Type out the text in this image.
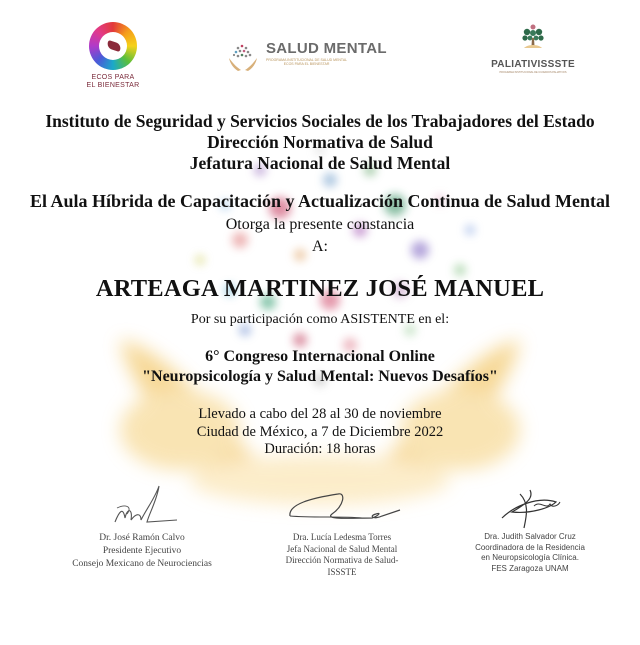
ECOS PARA
EL BIENESTAR
SALUD MENTAL
PROGRAMA INSTITUCIONAL DE SALUD MENTAL
ECOS PARA EL BIENESTAR	PALIATIVISSSTE
PROGRAMA INSTITUCIONAL DE CUIDADOS PALIATIVOS
Instituto de Seguridad y Servicios Sociales de los Trabajadores del Estado
Dirección Normativa de Salud
Jefatura Nacional de Salud Mental
El Aula Híbrida de Capacitación y Actualización Continua de Salud Mental
Otorga la presente constancia
A:
ARTEAGA MARTINEZ JOSÉ MANUEL
Por su participación como ASISTENTE en el:
6° Congreso Internacional Online
"Neuropsicología y Salud Mental: Nuevos Desafíos"
Llevado a cabo del 28 al 30 de noviembre
Ciudad de México, a 7 de Diciembre 2022
Duración: 18 horas
Dr. José Ramón Calvo
Presidente Ejecutivo
Consejo Mexicano de Neurociencias
Dra. Lucía Ledesma Torres
Jefa Nacional de Salud Mental
Dirección Normativa de Salud-
ISSSTE
Dra. Judith Salvador Cruz
Coordinadora de la Residencia
en Neuropsicología Clínica.
FES Zaragoza UNAM
